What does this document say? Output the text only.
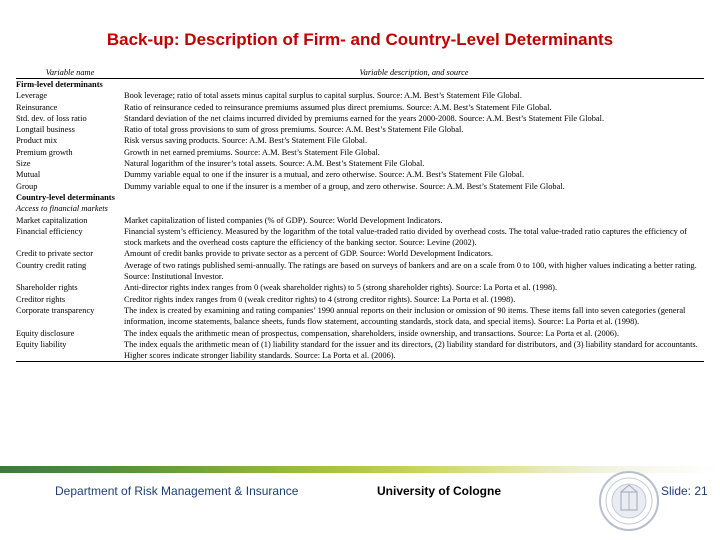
Back-up: Description of Firm- and Country-Level Determinants
Variable name	Variable description, and source
Firm-level determinants
Leverage	Book leverage; ratio of total assets minus capital surplus to capital surplus. Source: A.M. Best’s Statement File Global.
Reinsurance	Ratio of reinsurance ceded to reinsurance premiums assumed plus direct premiums. Source: A.M. Best’s Statement File Global.
Std. dev. of loss ratio	Standard deviation of the net claims incurred divided by premiums earned for the years 2000-2008. Source: A.M. Best’s Statement File Global.
Longtail business	Ratio of total gross provisions to sum of gross premiums. Source: A.M. Best’s Statement File Global.
Product mix	Risk versus saving products. Source: A.M. Best’s Statement File Global.
Premium growth	Growth in net earned premiums. Source: A.M. Best’s Statement File Global.
Size	Natural logarithm of the insurer’s total assets. Source: A.M. Best’s Statement File Global.
Mutual	Dummy variable equal to one if the insurer is a mutual, and zero otherwise. Source: A.M. Best’s Statement File Global.
Group	Dummy variable equal to one if the insurer is a member of a group, and zero otherwise. Source: A.M. Best’s Statement File Global.
Country-level determinants
Access to financial markets
Market capitalization	Market capitalization of listed companies (% of GDP). Source: World Development Indicators.
Financial efficiency	Financial system’s efficiency. Measured by the logarithm of the total value-traded ratio divided by overhead costs. The total value-traded ratio captures the efficiency of stock markets and the overhead costs capture the efficiency of the banking sector. Source: Levine (2002).
Credit to private sector	Amount of credit banks provide to private sector as a percent of GDP. Source: World Development Indicators.
Country credit rating	Average of two ratings published semi-annually. The ratings are based on surveys of bankers and are on a scale from 0 to 100, with higher values indicating a better rating. Source: Institutional Investor.
Shareholder rights	Anti-director rights index ranges from 0 (weak shareholder rights) to 5 (strong shareholder rights). Source: La Porta et al. (1998).
Creditor rights	Creditor rights index ranges from 0 (weak creditor rights) to 4 (strong creditor rights). Source: La Porta et al. (1998).
Corporate transparency	The index is created by examining and rating companies’ 1990 annual reports on their inclusion or omission of 90 items. These items fall into seven categories (general information, income statements, balance sheets, funds flow statement, accounting standards, stock data, and special items). Source: La Porta et al. (1998).
Equity disclosure	The index equals the arithmetic mean of prospectus, compensation, shareholders, inside ownership, and transactions. Source: La Porta et al. (2006).
Equity liability	The index equals the arithmetic mean of (1) liability standard for the issuer and its directors, (2) liability standard for distributors, and (3) liability standard for accountants. Higher scores indicate stronger liability standards. Source: La Porta et al. (2006).
Department of Risk Management & Insurance	University of Cologne	Slide: 21
